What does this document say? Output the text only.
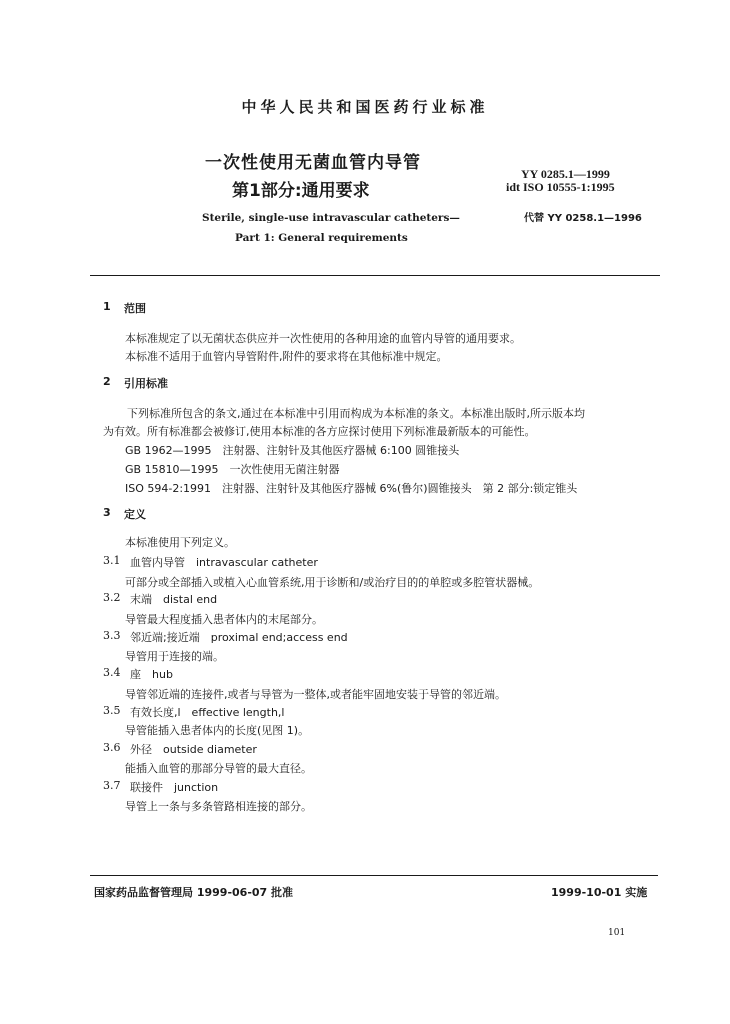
中华人民共和国医药行业标准
一次性使用无菌血管内导管
第1部分:通用要求
YY 0285.1—1999
idt ISO 10555-1:1995
代替 YY 0258.1—1996
Sterile, single-use intravascular catheters—
Part 1: General requirements
1 范围
本标准规定了以无菌状态供应并一次性使用的各种用途的血管内导管的通用要求。
本标准不适用于血管内导管附件,附件的要求将在其他标准中规定。
2 引用标准
下列标准所包含的条文,通过在本标准中引用而构成为本标准的条文。本标准出版时,所示版本均
为有效。所有标准都会被修订,使用本标准的各方应探讨使用下列标准最新版本的可能性。
GB 1962—1995　注射器、注射针及其他医疗器械 6:100 圆锥接头
GB 15810—1995　一次性使用无菌注射器
ISO 594-2:1991　注射器、注射针及其他医疗器械 6%(鲁尔)圆锥接头　第 2 部分:锁定锥头
3 定义
本标准使用下列定义。
3.1 血管内导管　intravascular catheter
可部分或全部插入或植入心血管系统,用于诊断和/或治疗目的的单腔或多腔管状器械。
3.2 末端　distal end
导管最大程度插入患者体内的末尾部分。
3.3 邻近端;接近端　proximal end;access end
导管用于连接的端。
3.4 座　hub
导管邻近端的连接件,或者与导管为一整体,或者能牢固地安装于导管的邻近端。
3.5 有效长度,l　effective length,l
导管能插入患者体内的长度(见图 1)。
3.6 外径　outside diameter
能插入血管的那部分导管的最大直径。
3.7 联接件　junction
导管上一条与多条管路相连接的部分。
国家药品监督管理局 1999-06-07 批准	1999-10-01 实施
101
